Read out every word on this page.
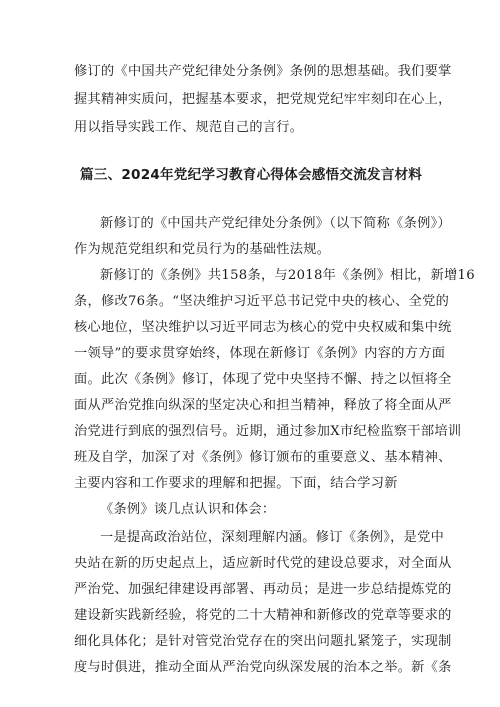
修订的《中国共产党纪律处分条例》条例的思想基础。我们要掌
握其精神实质问，把握基本要求，把党规党纪牢牢刻印在心上，
用以指导实践工作、规范自己的言行。
篇三、2024年党纪学习教育心得体会感悟交流发言材料
新修订的《中国共产党纪律处分条例》（以下简称《条例》）
作为规范党组织和党员行为的基础性法规。
新修订的《条例》共158条，与2018年《条例》相比，新增16
条，修改76条。“坚决维护习近平总书记党中央的核心、全党的
核心地位，坚决维护以习近平同志为核心的党中央权威和集中统
一领导”的要求贯穿始终，体现在新修订《条例》内容的方方面
面。此次《条例》修订，体现了党中央坚持不懈、持之以恒将全
面从严治党推向纵深的坚定决心和担当精神，释放了将全面从严
治党进行到底的强烈信号。近期，通过参加X市纪检监察干部培训
班及自学，加深了对《条例》修订颁布的重要意义、基本精神、
主要内容和工作要求的理解和把握。下面，结合学习新
《条例》谈几点认识和体会：
一是提高政治站位，深刻理解内涵。修订《条例》，是党中
央站在新的历史起点上，适应新时代党的建设总要求，对全面从
严治党、加强纪律建设再部署、再动员；是进一步总结提炼党的
建设新实践新经验，将党的二十大精神和新修改的党章等要求的
细化具体化；是针对管党治党存在的突出问题扎紧笼子，实现制
度与时俱进，推动全面从严治党向纵深发展的治本之举。新《条
